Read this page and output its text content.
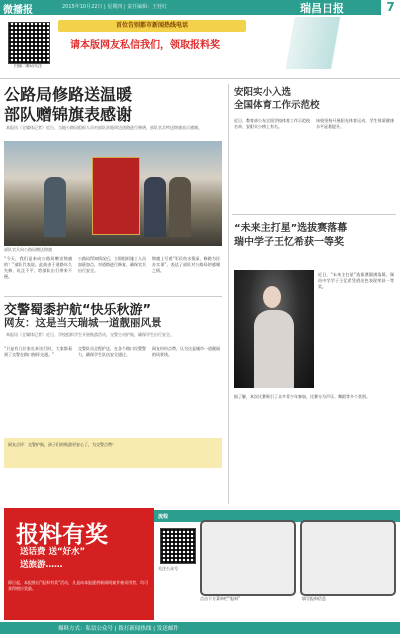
微播报	2015年10月22日 | 星期四 | 责任编辑：王桂红	瑞昌日报	7
扫描二维码关注
首位告别都市新闻热线电话
请本版网友私信我们，领取报料奖
公路局修路送温暖
部队赠锦旗表感谢
本报讯（全媒体记者）近日，当地公路局组织人员对部队驻地周边道路进行修缮，部队官兵特送锦旗表示感谢。
部队官兵向公路局赠送锦旗
“今天，我们是来向公路局赠送锦旗的！”部队代表说。此前由于道路年久失修，坑洼不平，给部队出行带来不便。
公路局得知情况后，立即组织施工人员加班加点，对道路进行修复，确保官兵出行安全。
锦旗上写着“军民鱼水情深，修路为民办实事”，表达了部队对公路局的感谢之情。
交警蜀黍护航“快乐秋游”
网友：这是当天瑞城一道靓丽风景
本报讯（全媒体记者）近日，学校组织学生开展秋游活动，交警主动护航，确保学生出行安全。
“只是有几位家长来送行时，大家都看到了交警在路口指挥交通。”
交警队员全程护送，在各个路口设置警力，确保学生队伍安全通过。
网友纷纷点赞，认为这是城市一道靓丽的风景线。
网友点评：交警护航，孩子们的秋游更安心了，为交警点赞！
安阳实小入选
全国体育工作示范校
近日，教育部公布全国学校体育工作示范校名单，安阳实小榜上有名。
该校坚持开展阳光体育运动，学生体质健康水平显著提升。
“未来主打星”选拔赛落幕
瑞中学子王忆希获一等奖
近日，“未来主打星”选拔赛圆满落幕，瑞昌中学学子王忆希凭借出色表现荣获一等奖。
据了解，本次比赛吸引了众多青少年参加，比赛分为声乐、舞蹈等多个类别。
报料有奖
送话费 送“好水”
送旅游……
即日起，本报推出“报料有奖”活动，凡是向本报提供新闻线索并被采用者，均可获得相应奖励。
流程
关注公众号
点击下方菜单栏“报料”	填写报料信息
爆料方式：私信公众号 | 拨打新闻热线 | 发送邮件
